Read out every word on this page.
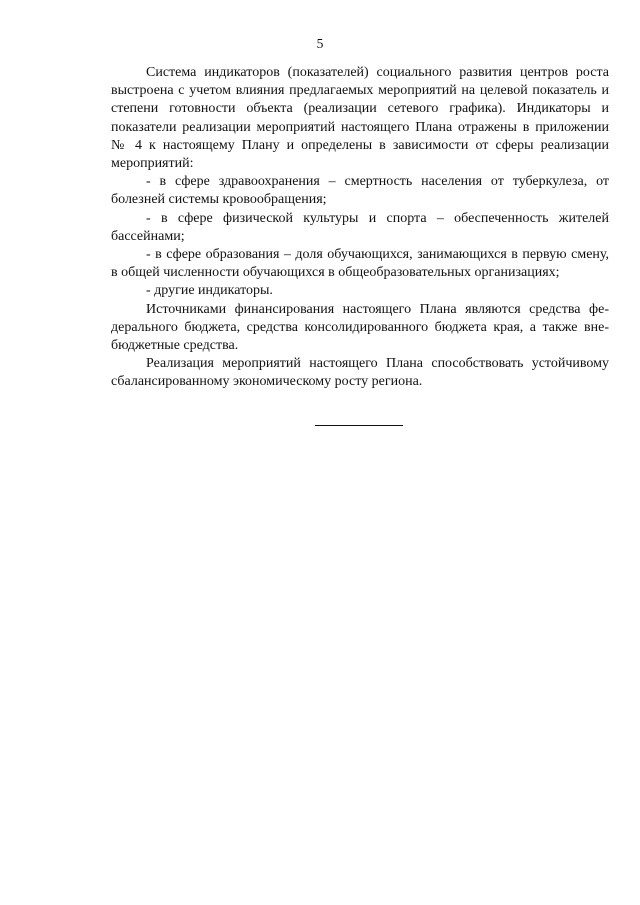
5

Система индикаторов (показателей) социального развития центров роста выстроена с учетом влияния предлагаемых мероприятий на целевой показатель и степени готовности объекта (реализации сетевого графика). Индикаторы и показатели реализации мероприятий настоящего Плана отражены в приложении № 4 к настоящему Плану и определены в зависимости от сферы реализации мероприятий:

- в сфере здравоохранения – смертность населения от туберкулеза, от болезней системы кровообращения;

- в сфере физической культуры и спорта – обеспеченность жителей бассейнами;

- в сфере образования – доля обучающихся, занимающихся в первую смену, в общей численности обучающихся в общеобразовательных организациях;

- другие индикаторы.

Источниками финансирования настоящего Плана являются средства федерального бюджета, средства консолидированного бюджета края, а также внебюджетные средства.

Реализация мероприятий настоящего Плана способствовать устойчивому сбалансированному экономическому росту региона.
